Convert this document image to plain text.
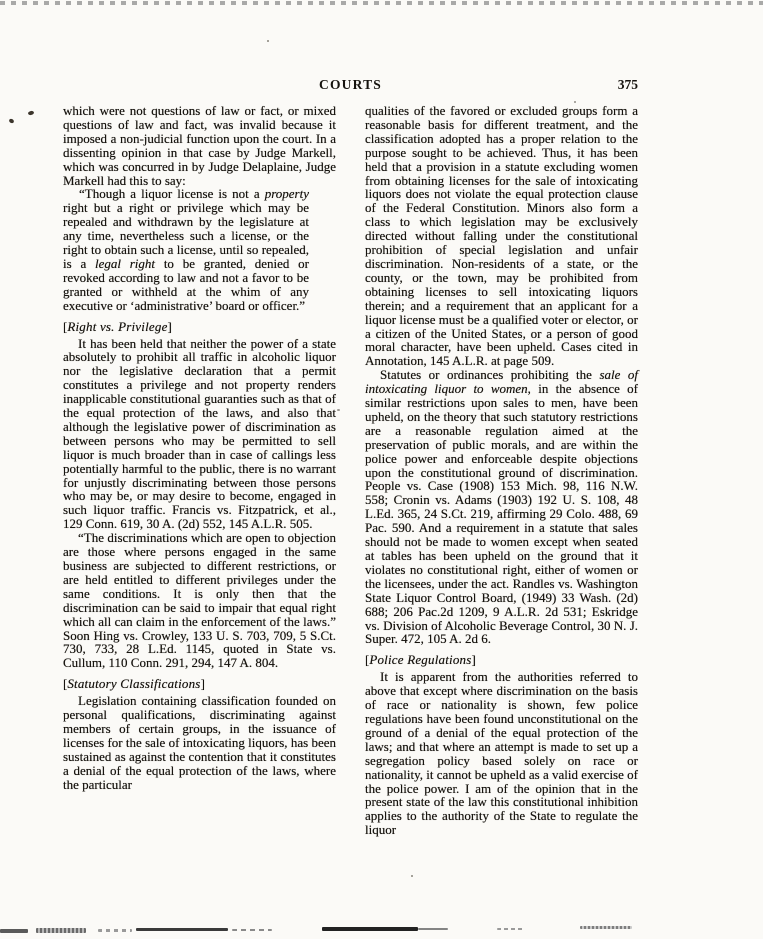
COURTS	375

which were not questions of law or fact, or mixed questions of law and fact, was invalid because it imposed a non-judicial function upon the court. In a dissenting opinion in that case by Judge Markell, which was concurred in by Judge Delaplaine, Judge Markell had this to say:

“Though a liquor license is not a property right but a right or privilege which may be repealed and withdrawn by the legislature at any time, nevertheless such a license, or the right to obtain such a license, until so repealed, is a legal right to be granted, denied or revoked according to law and not a favor to be granted or withheld at the whim of any executive or ‘administrative’ board or officer.”
[Right vs. Privilege]

It has been held that neither the power of a state absolutely to prohibit all traffic in alcoholic liquor nor the legislative declaration that a permit constitutes a privilege and not property renders inapplicable constitutional guaranties such as that of the equal protection of the laws, and also that although the legislative power of discrimination as between persons who may be permitted to sell liquor is much broader than in case of callings less potentially harmful to the public, there is no warrant for unjustly discriminating between those persons who may be, or may desire to become, engaged in such liquor traffic. Francis vs. Fitzpatrick, et al., 129 Conn. 619, 30 A. (2d) 552, 145 A.L.R. 505.

“The discriminations which are open to objection are those where persons engaged in the same business are subjected to different restrictions, or are held entitled to different privileges under the same conditions. It is only then that the discrimination can be said to impair that equal right which all can claim in the enforcement of the laws.” Soon Hing vs. Crowley, 133 U. S. 703, 709, 5 S.Ct. 730, 733, 28 L.Ed. 1145, quoted in State vs. Cullum, 110 Conn. 291, 294, 147 A. 804.

[Statutory Classifications]

Legislation containing classification founded on personal qualifications, discriminating against members of certain groups, in the issuance of licenses for the sale of intoxicating liquors, has been sustained as against the contention that it constitutes a denial of the equal protection of the laws, where the particular

qualities of the favored or excluded groups form a reasonable basis for different treatment, and the classification adopted has a proper relation to the purpose sought to be achieved. Thus, it has been held that a provision in a statute excluding women from obtaining licenses for the sale of intoxicating liquors does not violate the equal protection clause of the Federal Constitution. Minors also form a class to which legislation may be exclusively directed without falling under the constitutional prohibition of special legislation and unfair discrimination. Non-residents of a state, or the county, or the town, may be prohibited from obtaining licenses to sell intoxicating liquors therein; and a requirement that an applicant for a liquor license must be a qualified voter or elector, or a citizen of the United States, or a person of good moral character, have been upheld. Cases cited in Annotation, 145 A.L.R. at page 509.

Statutes or ordinances prohibiting the sale of intoxicating liquor to women, in the absence of similar restrictions upon sales to men, have been upheld, on the theory that such statutory restrictions are a reasonable regulation aimed at the preservation of public morals, and are within the police power and enforceable despite objections upon the constitutional ground of discrimination. People vs. Case (1908) 153 Mich. 98, 116 N.W. 558; Cronin vs. Adams (1903) 192 U. S. 108, 48 L.Ed. 365, 24 S.Ct. 219, affirming 29 Colo. 488, 69 Pac. 590. And a requirement in a statute that sales should not be made to women except when seated at tables has been upheld on the ground that it violates no constitutional right, either of women or the licensees, under the act. Randles vs. Washington State Liquor Control Board, (1949) 33 Wash. (2d) 688; 206 Pac.2d 1209, 9 A.L.R. 2d 531; Eskridge vs. Division of Alcoholic Beverage Control, 30 N. J. Super. 472, 105 A. 2d 6.

[Police Regulations]

It is apparent from the authorities referred to above that except where discrimination on the basis of race or nationality is shown, few police regulations have been found unconstitutional on the ground of a denial of the equal protection of the laws; and that where an attempt is made to set up a segregation policy based solely on race or nationality, it cannot be upheld as a valid exercise of the police power. I am of the opinion that in the present state of the law this constitutional inhibition applies to the authority of the State to regulate the liquor
